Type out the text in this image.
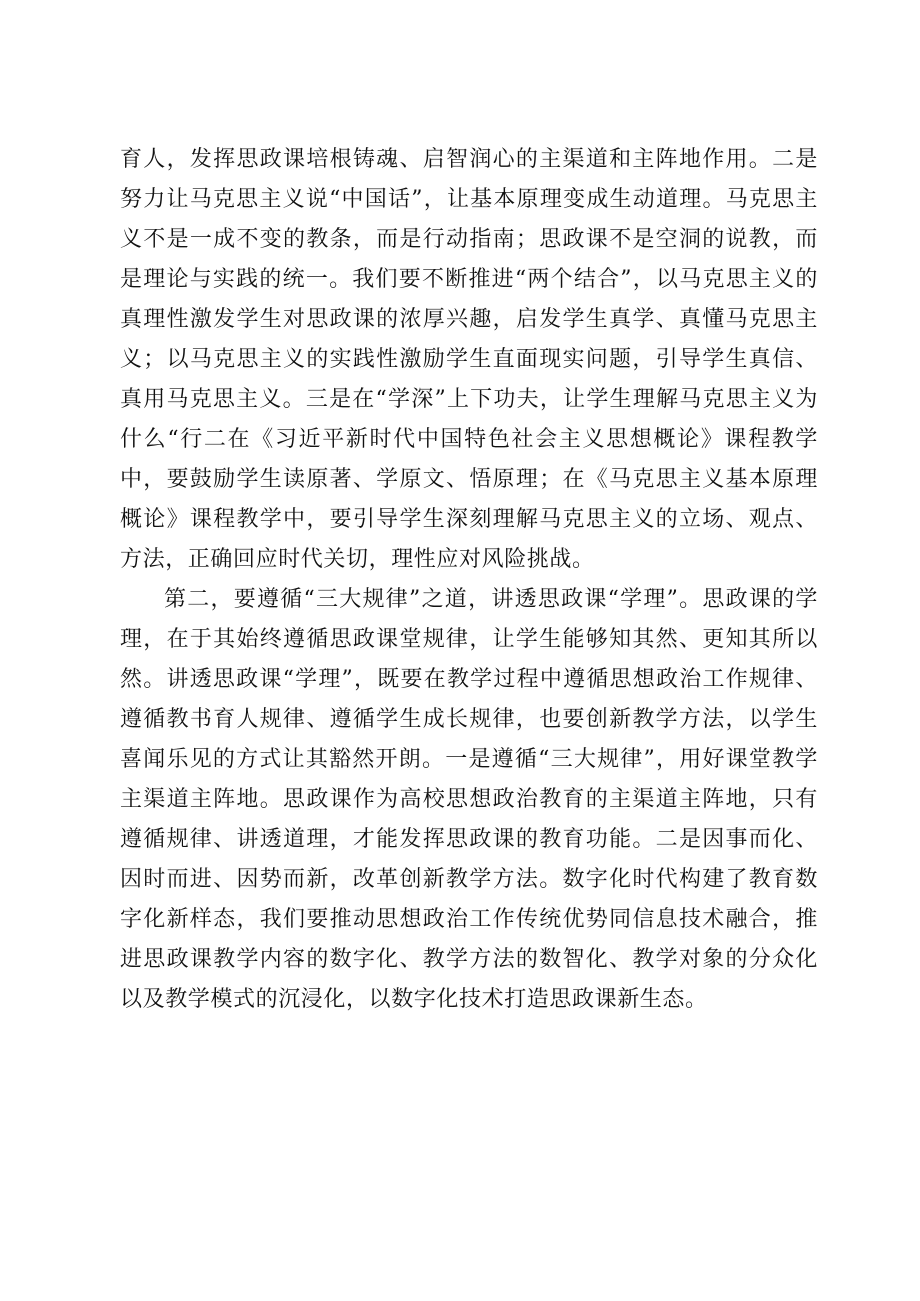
育人，发挥思政课培根铸魂、启智润心的主渠道和主阵地作用。二是努力让马克思主义说“中国话”，让基本原理变成生动道理。马克思主义不是一成不变的教条，而是行动指南；思政课不是空洞的说教，而是理论与实践的统一。我们要不断推进“两个结合”，以马克思主义的真理性激发学生对思政课的浓厚兴趣，启发学生真学、真懂马克思主义；以马克思主义的实践性激励学生直面现实问题，引导学生真信、真用马克思主义。三是在“学深”上下功夫，让学生理解马克思主义为什么“行二在《习近平新时代中国特色社会主义思想概论》课程教学中，要鼓励学生读原著、学原文、悟原理；在《马克思主义基本原理概论》课程教学中，要引导学生深刻理解马克思主义的立场、观点、方法，正确回应时代关切，理性应对风险挑战。

第二，要遵循“三大规律”之道，讲透思政课“学理”。思政课的学理，在于其始终遵循思政课堂规律，让学生能够知其然、更知其所以然。讲透思政课“学理”，既要在教学过程中遵循思想政治工作规律、遵循教书育人规律、遵循学生成长规律，也要创新教学方法，以学生喜闻乐见的方式让其豁然开朗。一是遵循“三大规律”，用好课堂教学主渠道主阵地。思政课作为高校思想政治教育的主渠道主阵地，只有遵循规律、讲透道理，才能发挥思政课的教育功能。二是因事而化、因时而进、因势而新，改革创新教学方法。数字化时代构建了教育数字化新样态，我们要推动思想政治工作传统优势同信息技术融合，推进思政课教学内容的数字化、教学方法的数智化、教学对象的分众化以及教学模式的沉浸化，以数字化技术打造思政课新生态。
